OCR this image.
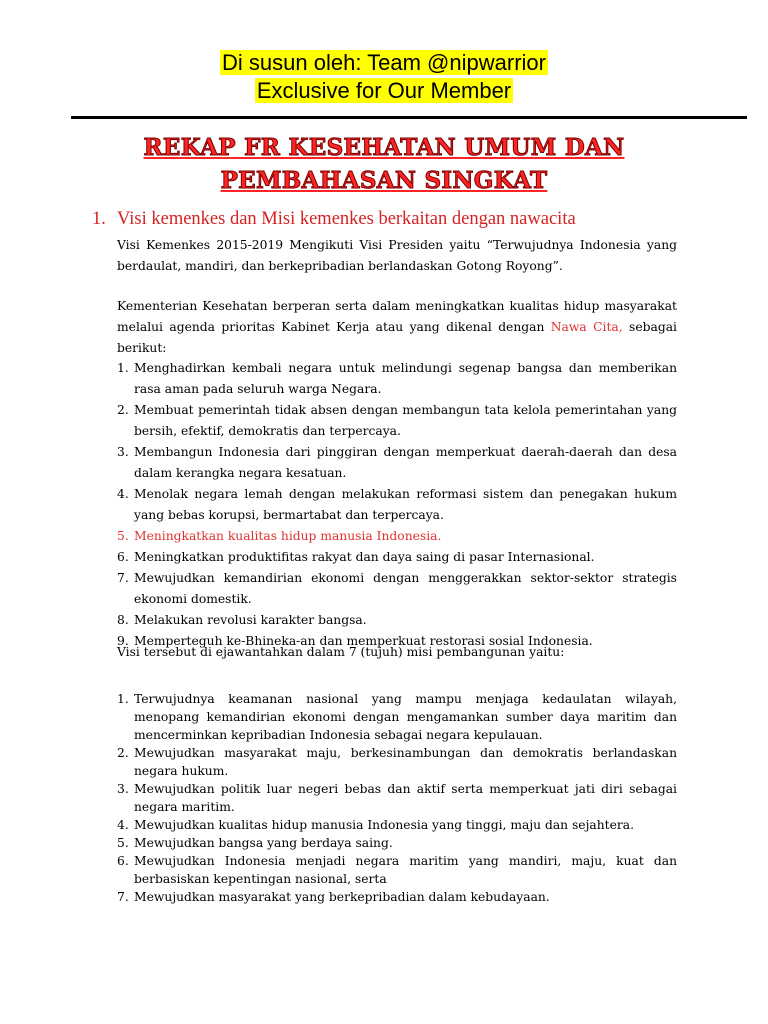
Di susun oleh: Team @nipwarrior
Exclusive for Our Member
REKAP FR KESEHATAN UMUM DAN
PEMBAHASAN SINGKAT
1. Visi kemenkes dan Misi kemenkes berkaitan dengan nawacita
Visi Kemenkes 2015-2019 Mengikuti Visi Presiden yaitu “Terwujudnya Indonesia yang berdaulat, mandiri, dan berkepribadian berlandaskan Gotong Royong”.
Kementerian Kesehatan berperan serta dalam meningkatkan kualitas hidup masyarakat melalui agenda prioritas Kabinet Kerja atau yang dikenal dengan Nawa Cita, sebagai berikut:
1. Menghadirkan kembali negara untuk melindungi segenap bangsa dan memberikan rasa aman pada seluruh warga Negara.
2. Membuat pemerintah tidak absen dengan membangun tata kelola pemerintahan yang bersih, efektif, demokratis dan terpercaya.
3. Membangun Indonesia dari pinggiran dengan memperkuat daerah-daerah dan desa dalam kerangka negara kesatuan.
4. Menolak negara lemah dengan melakukan reformasi sistem dan penegakan hukum yang bebas korupsi, bermartabat dan terpercaya.
5. Meningkatkan kualitas hidup manusia Indonesia.
6. Meningkatkan produktifitas rakyat dan daya saing di pasar Internasional.
7. Mewujudkan kemandirian ekonomi dengan menggerakkan sektor-sektor strategis ekonomi domestik.
8. Melakukan revolusi karakter bangsa.
9. Memperteguh ke-Bhineka-an dan memperkuat restorasi sosial Indonesia.
Visi tersebut di ejawantahkan dalam 7 (tujuh) misi pembangunan yaitu:
1. Terwujudnya keamanan nasional yang mampu menjaga kedaulatan wilayah, menopang kemandirian ekonomi dengan mengamankan sumber daya maritim dan mencerminkan kepribadian Indonesia sebagai negara kepulauan.
2. Mewujudkan masyarakat maju, berkesinambungan dan demokratis berlandaskan negara hukum.
3. Mewujudkan politik luar negeri bebas dan aktif serta memperkuat jati diri sebagai negara maritim.
4. Mewujudkan kualitas hidup manusia Indonesia yang tinggi, maju dan sejahtera.
5. Mewujudkan bangsa yang berdaya saing.
6. Mewujudkan Indonesia menjadi negara maritim yang mandiri, maju, kuat dan berbasiskan kepentingan nasional, serta
7. Mewujudkan masyarakat yang berkepribadian dalam kebudayaan.
